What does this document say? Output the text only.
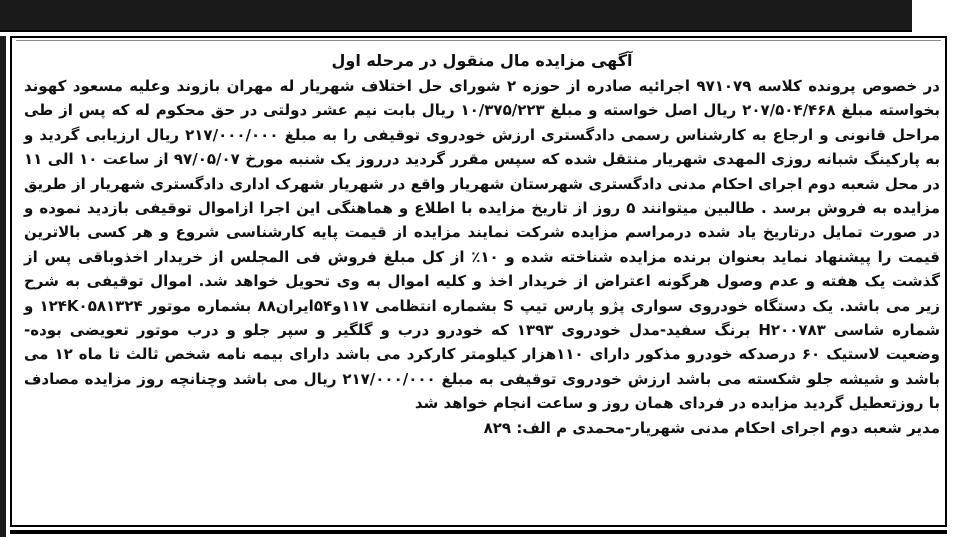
آگهی مزایده مال منقول در مرحله اول

در خصوص پرونده کلاسه ۹۷۱۰۷۹ اجرائیه صادره از حوزه ۲ شورای حل اختلاف شهریار له مهران بازوند وعلیه مسعود کهوند بخواسته مبلغ ۲۰۷/۵۰۴/۴۶۸ ریال اصل خواسته و مبلغ ۱۰/۳۷۵/۲۲۳ ریال بابت نیم عشر دولتی در حق محکوم له که پس از طی مراحل قانونی و ارجاع به کارشناس رسمی دادگستری ارزش خودروی توقیفی را به مبلغ ۲۱۷/۰۰۰/۰۰۰ ریال ارزیابی گردید و به پارکینگ شبانه روزی المهدی شهریار منتقل شده که سپس مقرر گردید درروز یک شنبه مورخ ۹۷/۰۵/۰۷ از ساعت ۱۰ الی ۱۱ در محل شعبه دوم اجرای احکام مدنی دادگستری شهرستان شهریار واقع در شهریار شهرک اداری دادگستری شهریار از طریق مزایده به فروش برسد . طالبین میتوانند ۵ روز از تاریخ مزایده با اطلاع و هماهنگی این اجرا ازاموال توقیفی بازدید نموده و در صورت تمایل درتاریخ یاد شده درمراسم مزایده شرکت نمایند مزایده از قیمت پایه کارشناسی شروع و هر کسی بالاترین قیمت را پیشنهاد نماید بعنوان برنده مزایده شناخته شده و ۱۰٪ از کل مبلغ فروش فی المجلس از خریدار اخذوباقی پس از گذشت یک هفته و عدم وصول هرگونه اعتراض از خریدار اخذ و کلیه اموال به وی تحویل خواهد شد. اموال توقیفی به شرح زیر می باشد. یک دستگاه خودروی سواری پژو پارس تیپ S بشماره انتظامی ۱۱۷و۵۴ایران۸۸ بشماره موتور ۱۲۴K۰۵۸۱۳۲۴ و شماره شاسی H۲۰۰۷۸۳ برنگ سفید-مدل خودروی ۱۳۹۳ که خودرو درب و گلگیر و سپر جلو و درب موتور تعویضی بوده-وضعیت لاستیک ۶۰ درصدکه خودرو مذکور دارای ۱۱۰هزار کیلومتر کارکرد می باشد دارای بیمه نامه شخص ثالث تا ماه ۱۲ می باشد و شیشه جلو شکسته می باشد ارزش خودروی توقیفی به مبلغ ۲۱۷/۰۰۰/۰۰۰ ریال می باشد وچنانچه روز مزایده مصادف با روزتعطیل گردید مزایده در فردای همان روز و ساعت انجام خواهد شد

مدیر شعبه دوم اجرای احکام مدنی شهریار-محمدی م الف: ۸۲۹
